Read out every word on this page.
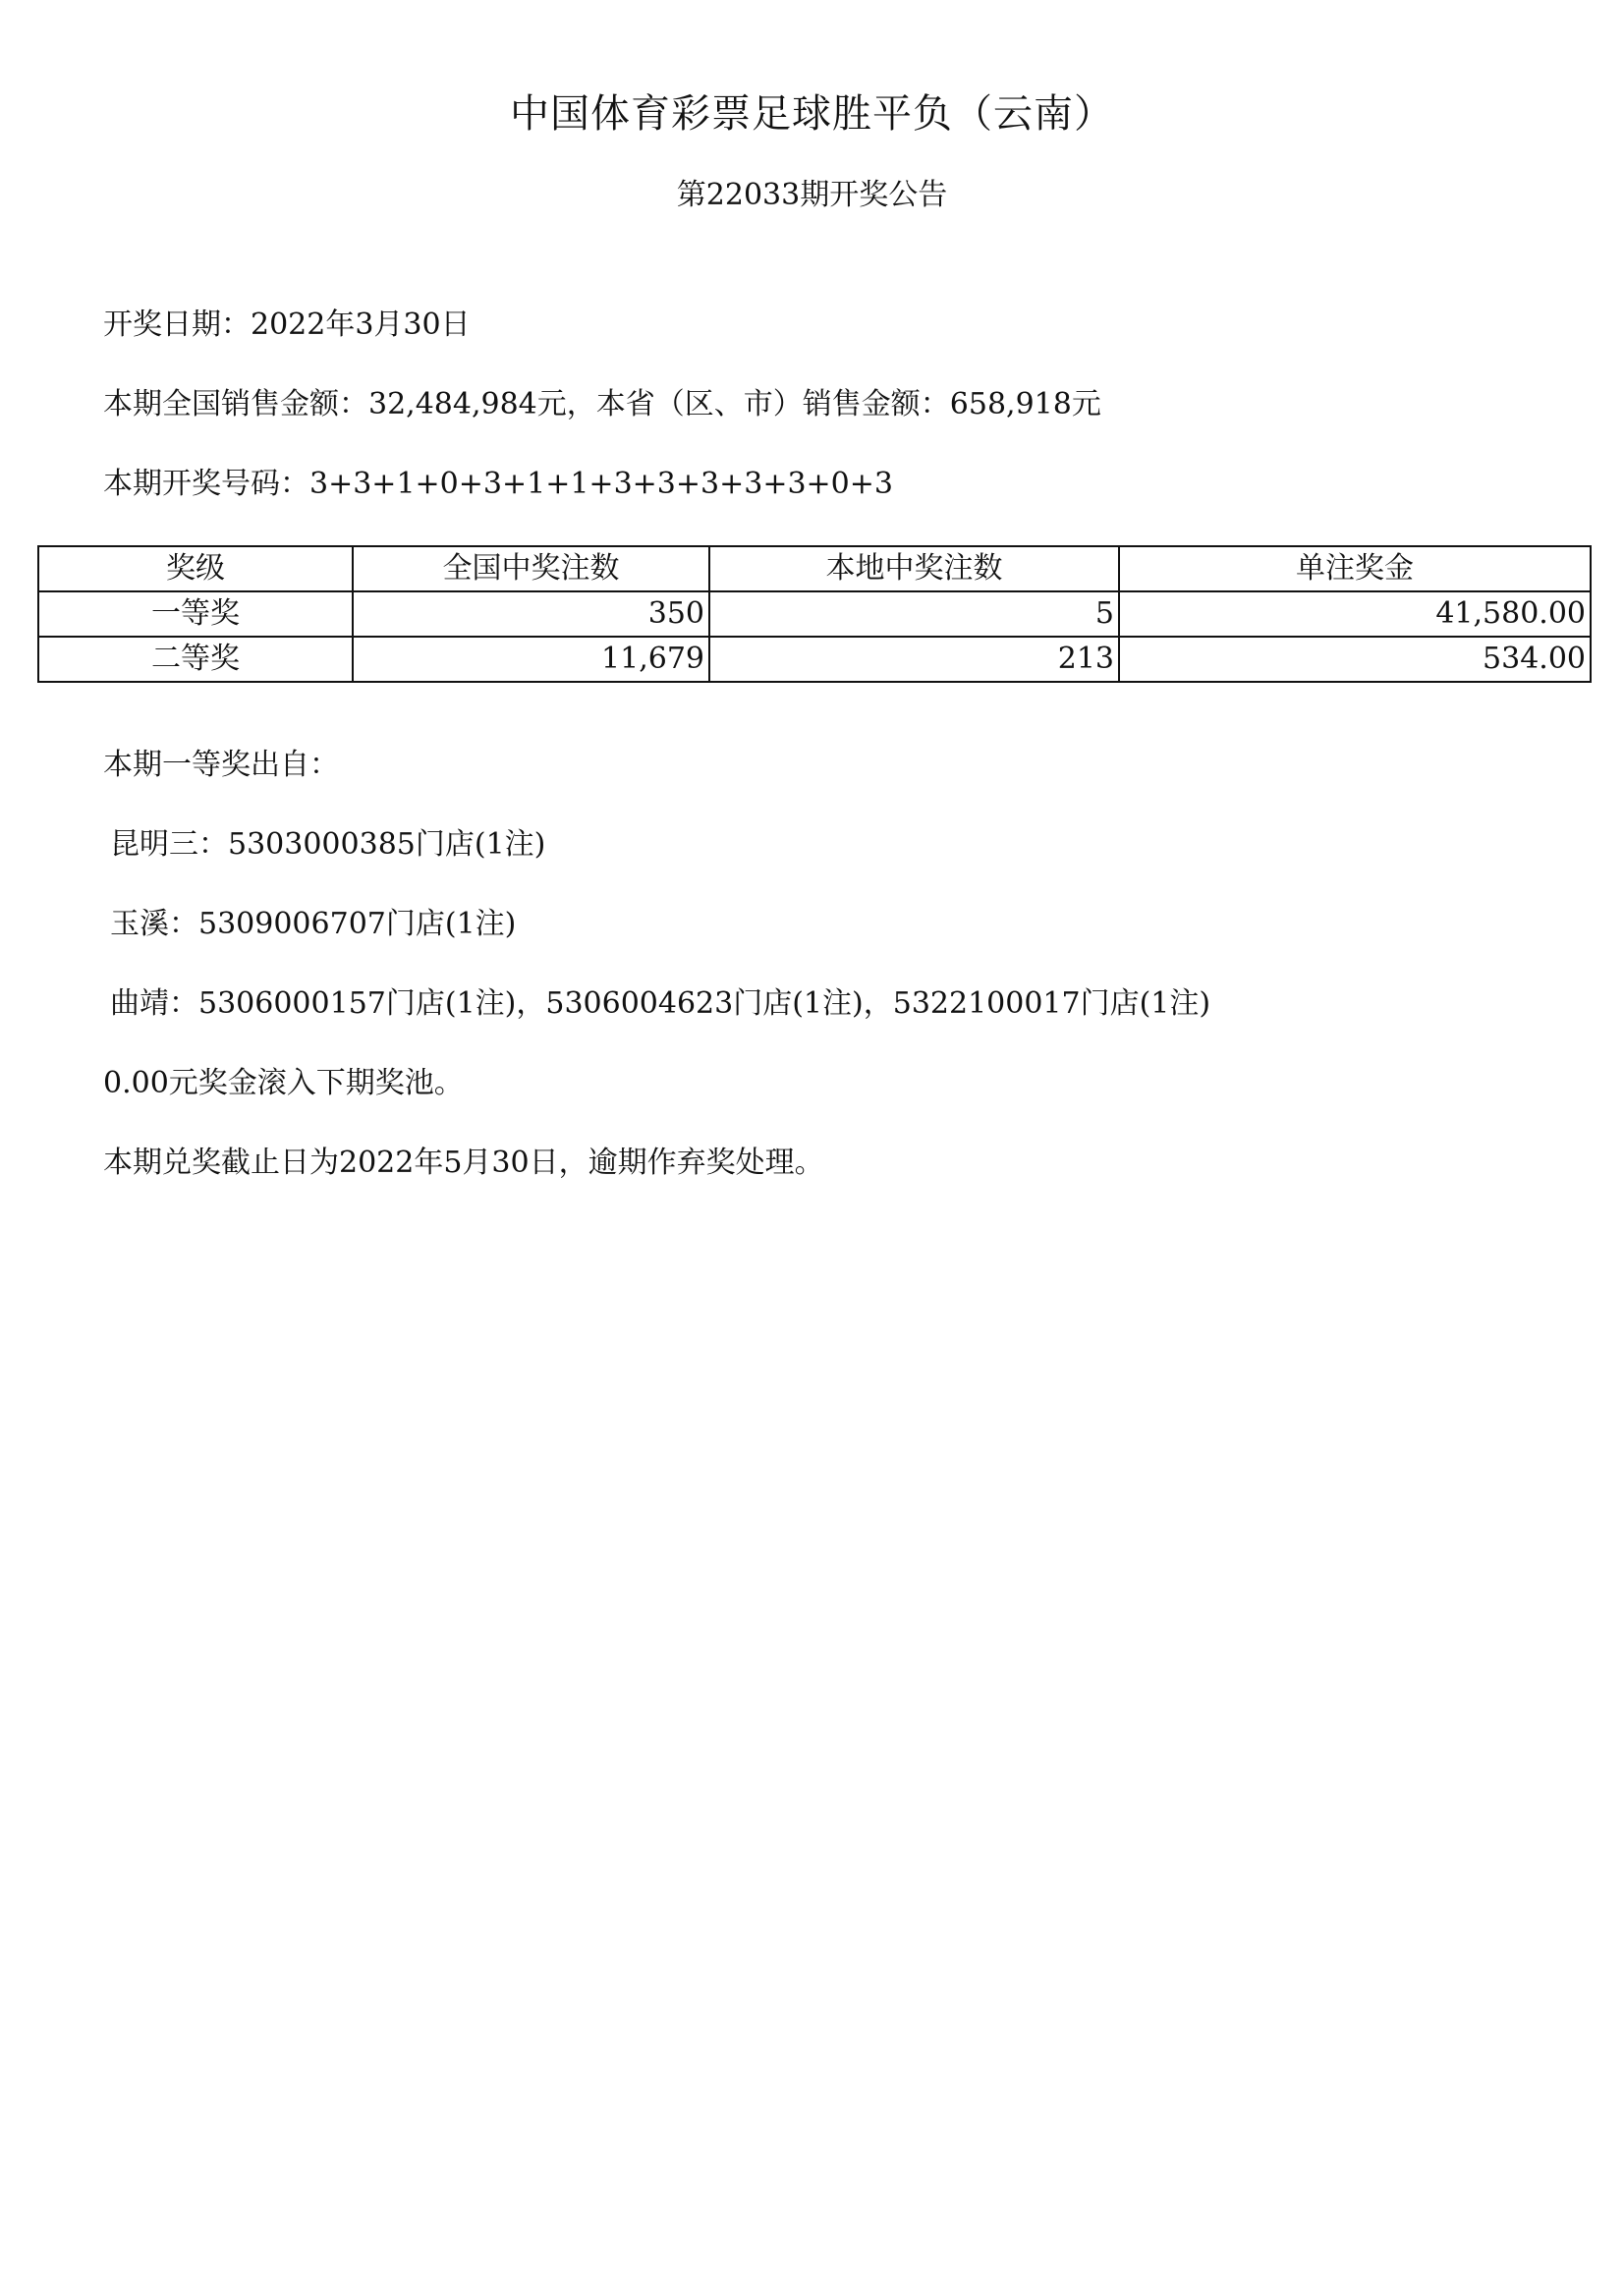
中国体育彩票足球胜平负（云南）
第22033期开奖公告
开奖日期：2022年3月30日
本期全国销售金额：32,484,984元，本省（区、市）销售金额：658,918元
本期开奖号码：3+3+1+0+3+1+1+3+3+3+3+3+0+3
奖级	全国中奖注数	本地中奖注数	单注奖金
一等奖	350	5	41,580.00
二等奖	11,679	213	534.00
本期一等奖出自：
昆明三：5303000385门店(1注)
玉溪：5309006707门店(1注)
曲靖：5306000157门店(1注)，5306004623门店(1注)，5322100017门店(1注)
0.00元奖金滚入下期奖池。
本期兑奖截止日为2022年5月30日，逾期作弃奖处理。
